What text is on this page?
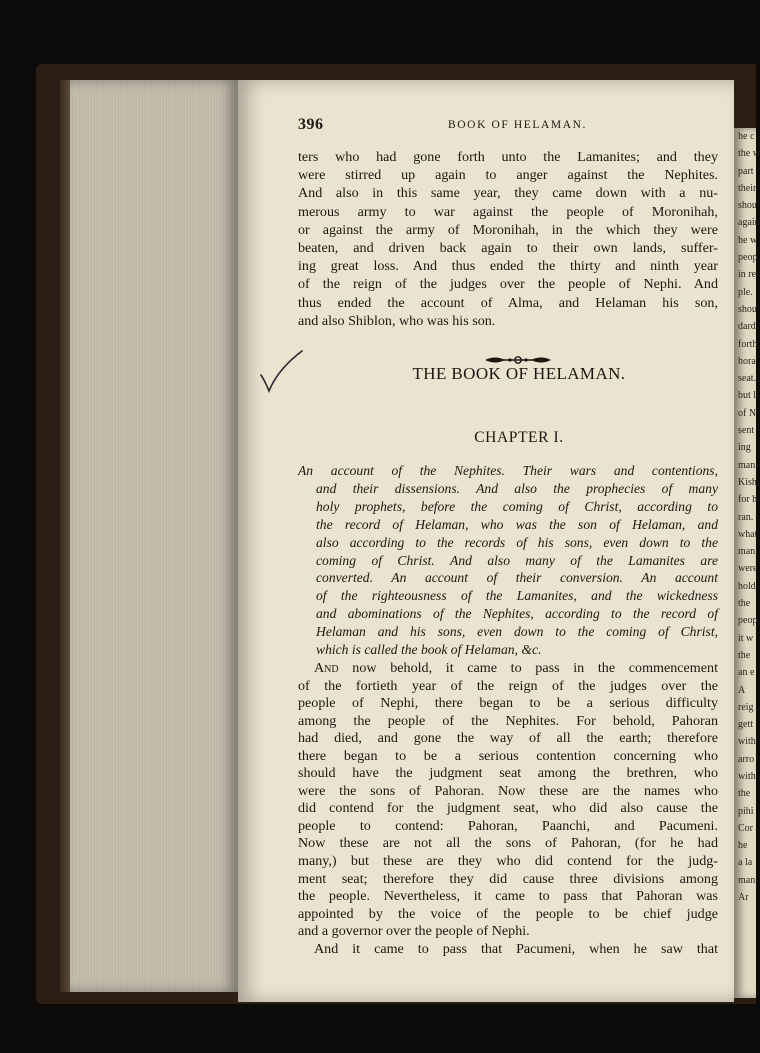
396	BOOK OF HELAMAN.
ters who had gone forth unto the Lamanites; and they
were stirred up again to anger against the Nephites.
And also in this same year, they came down with a nu-
merous army to war against the people of Moronihah,
or against the army of Moronihah, in the which they were
beaten, and driven back again to their own lands, suffer-
ing great loss. And thus ended the thirty and ninth year
of the reign of the judges over the people of Nephi. And
thus ended the account of Alma, and Helaman his son,
and also Shiblon, who was his son.
THE BOOK OF HELAMAN.
CHAPTER I.
An account of the Nephites. Their wars and contentions,
and their dissensions. And also the prophecies of many
holy prophets, before the coming of Christ, according to
the record of Helaman, who was the son of Helaman, and
also according to the records of his sons, even down to the
coming of Christ. And also many of the Lamanites are
converted. An account of their conversion. An account
of the righteousness of the Lamanites, and the wickedness
and abominations of the Nephites, according to the record of
Helaman and his sons, even down to the coming of Christ,
which is called the book of Helaman, &c.
And now behold, it came to pass in the commencement
of the fortieth year of the reign of the judges over the
people of Nephi, there began to be a serious difficulty
among the people of the Nephites. For behold, Pahoran
had died, and gone the way of all the earth; therefore
there began to be a serious contention concerning who
should have the judgment seat among the brethren, who
were the sons of Pahoran. Now these are the names who
did contend for the judgment seat, who did also cause the
people to contend: Pahoran, Paanchi, and Pacumeni.
Now these are not all the sons of Pahoran, (for he had
many,) but these are they who did contend for the judg-
ment seat; therefore they did cause three divisions among
the people. Nevertheless, it came to pass that Pahoran was
appointed by the voice of the people to be chief judge
and a governor over the people of Nephi.
And it came to pass that Pacumeni, when he saw that
he c
the w
part
their
shou
again
he w
peop
in re
ple.
shou
dard
forth
hora
seat.
but l
of N
sent
ing
man
Kish
for h
ran.
what
man
were
hold
the
peop
it w
the
an e
A
reig
gett
with
arro
with
the
pihi
Cor
he
a la
man
Ar
